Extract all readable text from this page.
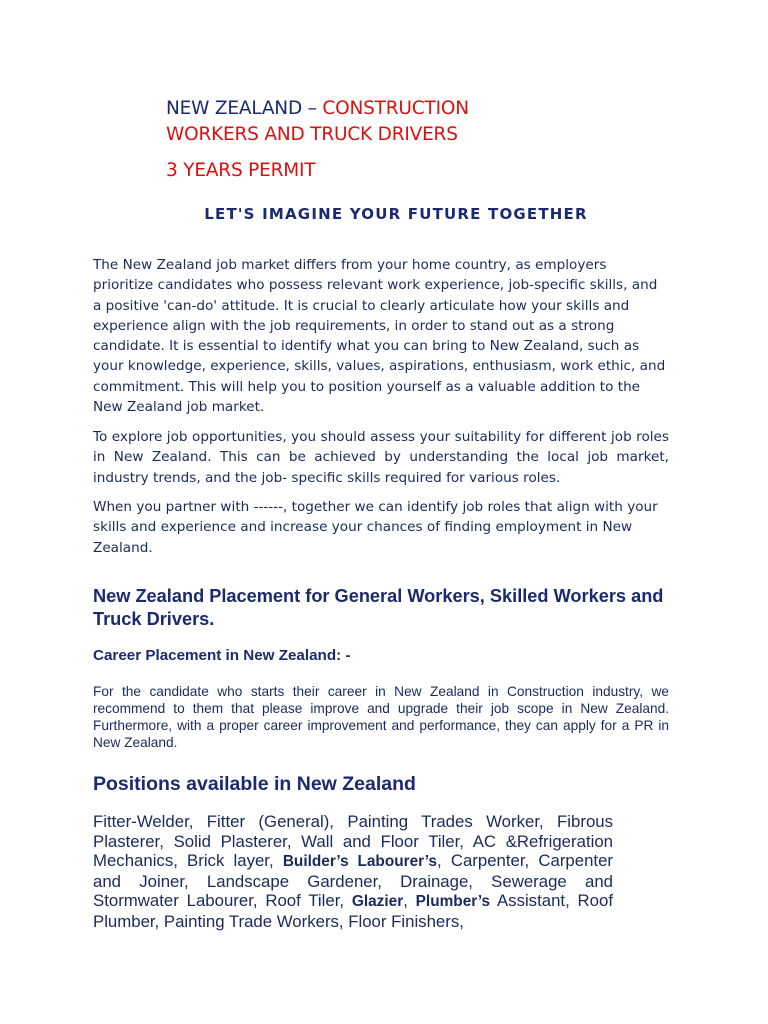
NEW ZEALAND – CONSTRUCTION

WORKERS AND TRUCK DRIVERS

3 YEARS PERMIT

LET'S IMAGINE YOUR FUTURE TOGETHER

The New Zealand job market differs from your home country, as employers prioritize candidates who possess relevant work experience, job-specific skills, and a positive 'can-do' attitude. It is crucial to clearly articulate how your skills and experience align with the job requirements, in order to stand out as a strong candidate. It is essential to identify what you can bring to New Zealand, such as your knowledge, experience, skills, values, aspirations, enthusiasm, work ethic, and commitment. This will help you to position yourself as a valuable addition to the New Zealand job market.

To explore job opportunities, you should assess your suitability for different job roles in New Zealand. This can be achieved by understanding the local job market, industry trends, and the job- specific skills required for various roles.

When you partner with ------, together we can identify job roles that align with your skills and experience and increase your chances of finding employment in New Zealand.

New Zealand Placement for General Workers, Skilled Workers and Truck Drivers.
Career Placement in New Zealand: -

For the candidate who starts their career in New Zealand in Construction industry, we recommend to them that please improve and upgrade their job scope in New Zealand. Furthermore, with a proper career improvement and performance, they can apply for a PR in New Zealand.

Positions available in New Zealand

Fitter-Welder, Fitter (General), Painting Trades Worker, Fibrous Plasterer, Solid Plasterer, Wall and Floor Tiler, AC &Refrigeration Mechanics, Brick layer, Builder’s Labourer’s, Carpenter, Carpenter and Joiner, Landscape Gardener, Drainage, Sewerage and Stormwater Labourer, Roof Tiler, Glazier, Plumber’s Assistant, Roof Plumber, Painting Trade Workers, Floor Finishers,
